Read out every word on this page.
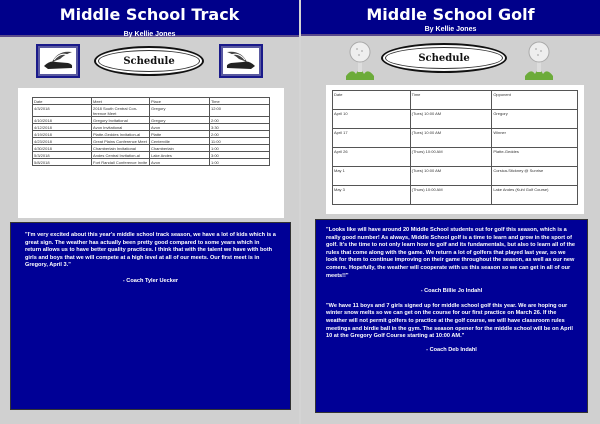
Middle School Track
By Kellie Jones
Schedule
Date	Meet	Place	Time
4/3/2018	2018 South Central Con-ference Meet	Gregory	12:00
4/10/2018	Gregory Invitational	Gregory	2:00
4/12/2018	Avon Invitational	Avon	3:30
4/19/2018	Platte-Geddes Invitation-al	Platte	2:00
4/23/2018	Great Plains Conference Meet	Centerville	11:00
4/30/2018	Chamberlain Invitational	Chamberlain	1:00
5/3/2018	Andes Central Invitation-al	Lake Andes	3:00
5/8/2018	Fort Randall Conference Invite	Avon	1:00

"I'm very excited about this year's middle school track season, we have a lot of kids which is a great sign. The weather has actually been pretty good compared to some years which in return allows us to have better quality practices. I think that with the talent we have with both girls and boys that we will compete at a high level at all of our meets. Our first meet is in Gregory, April 3."

- Coach Tyler Uecker

Middle School Golf
By Kellie Jones
Schedule
Date	Time	Opponent
April 10	(Tues) 10:00 AM	Gregory
April 17	(Tues) 10:00 AM	Winner
April 26	(Thurs) 10:00 AM	Platte-Geddes
May 1	(Tues) 10:00 AM	Corsica-Stickney @ Sunrise
May 3	(Thurs) 10:00 AM	Lake Andes (Kuhl Golf Course)

"Looks like will have around 20 Middle School students out for golf this season, which is a really good number! As always, Middle School golf is a time to learn and grow in the sport of golf. It's the time to not only learn how to golf and its fundamentals, but also to learn all of the rules that come along with the game. We return a lot of golfers that played last year, so we look for them to continue improving on their game throughout the season, as well as our new comers. Hopefully, the weather will cooperate with us this season so we can get in all of our meets!!"

- Coach Billie Jo Indahl

"We have 11 boys and 7 girls signed up for middle school golf this year. We are hoping our winter snow melts so we can get on the course for our first practice on March 26. If the weather will not permit golfers to practice at the golf course, we will have classroom rules meetings and birdie ball in the gym. The season opener for the middle school will be on April 10 at the Gregory Golf Course starting at 10:00 AM."

- Coach Deb Indahl
